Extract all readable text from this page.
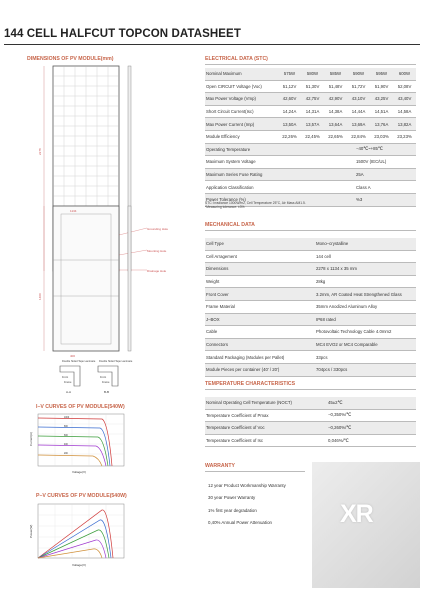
144 CELL HALFCUT TOPCON DATASHEET
DIMENSIONS OF PV MODULE(mm)
2278
1134
400
1400
Grounding Hole
Mounting Hole
Drainage Hole
Double Sided Tape Laminate Double Sided Tape Laminate
Front	Front
Frame	Frame
A-A	B-B
I–V CURVES OF PV MODULE(540W)
1000
800
600
400
200
Current(A)
Voltage(V)
P–V CURVES OF PV MODULE(540W)
Power(W)
Voltage(V)
ELECTRICAL DATA (STC)
Nominal Maximum	575W	580W	585W	590W	595W	600W
Open CIRCUIT Voltage (Voc)	51,12V	51,30V	51,48V	51,72V	51,90V	52,08V
Max Power Voltage (Vmp)	42,60V	42,75V	42,90V	43,10V	43,25V	43,40V
Short Circuit Current(Isc)	14,24A	14,31A	14,38A	14,44A	14,51A	14,58A
Max Power Current (Imp)	13,50A	13,57A	13,64A	13,69A	13,76A	13,82A
Module Efficiency	22,26%	22,45%	22,65%	22,84%	23,03%	23,23%
Operating Temperature			−40℃~+85℃			
Maximum System Voltage			1500V (IEC/UL)			
Maximum Series Fuse Rating			25A			
Application Classification			Class A			
Power Tolerance (%)			%3			
STC: Irradiance 1000W/m2, Cell Temperature 25°C, Air Mass AM1.5.
*Measuring tolerance: ±3%
MECHANICAL DATA
Cell Type	Mono–crystalline
Cell Arragement	144 cell
Dimensions	2278 x 1134 x 35 mm
Weight	28kg
Front Cover	3.2mm, AR Coated Heat Strengthened Glass
Frame Material	35mm Anodized Aluminum Alloy
J–BOX	IP68 rated
Cable	Photovoltaic Technology Cable 4.0mm2
Connectors	MC4 EVO2 or MC4 Comparable
Standard Packaging (Modules per Pallet)	33pcs
Module Pieces per container (40' / 20')	704pcs / 330pcs
TEMPERATURE CHARACTERISTICS
Nominal Operating Cell Temperature (NOCT)	45±2℃
Temperature Coefficient of Pmax	−0,350%/℃
Temperature Coefficient of Voc	−0,260%/℃
Temperature Coefficient of Isc	0,046%/℃
WARRANTY
12 year Product Workmanship Warranty
30 year Power Warranty
1% first year degradation
0,40% Annual Power Attenuation	XR
